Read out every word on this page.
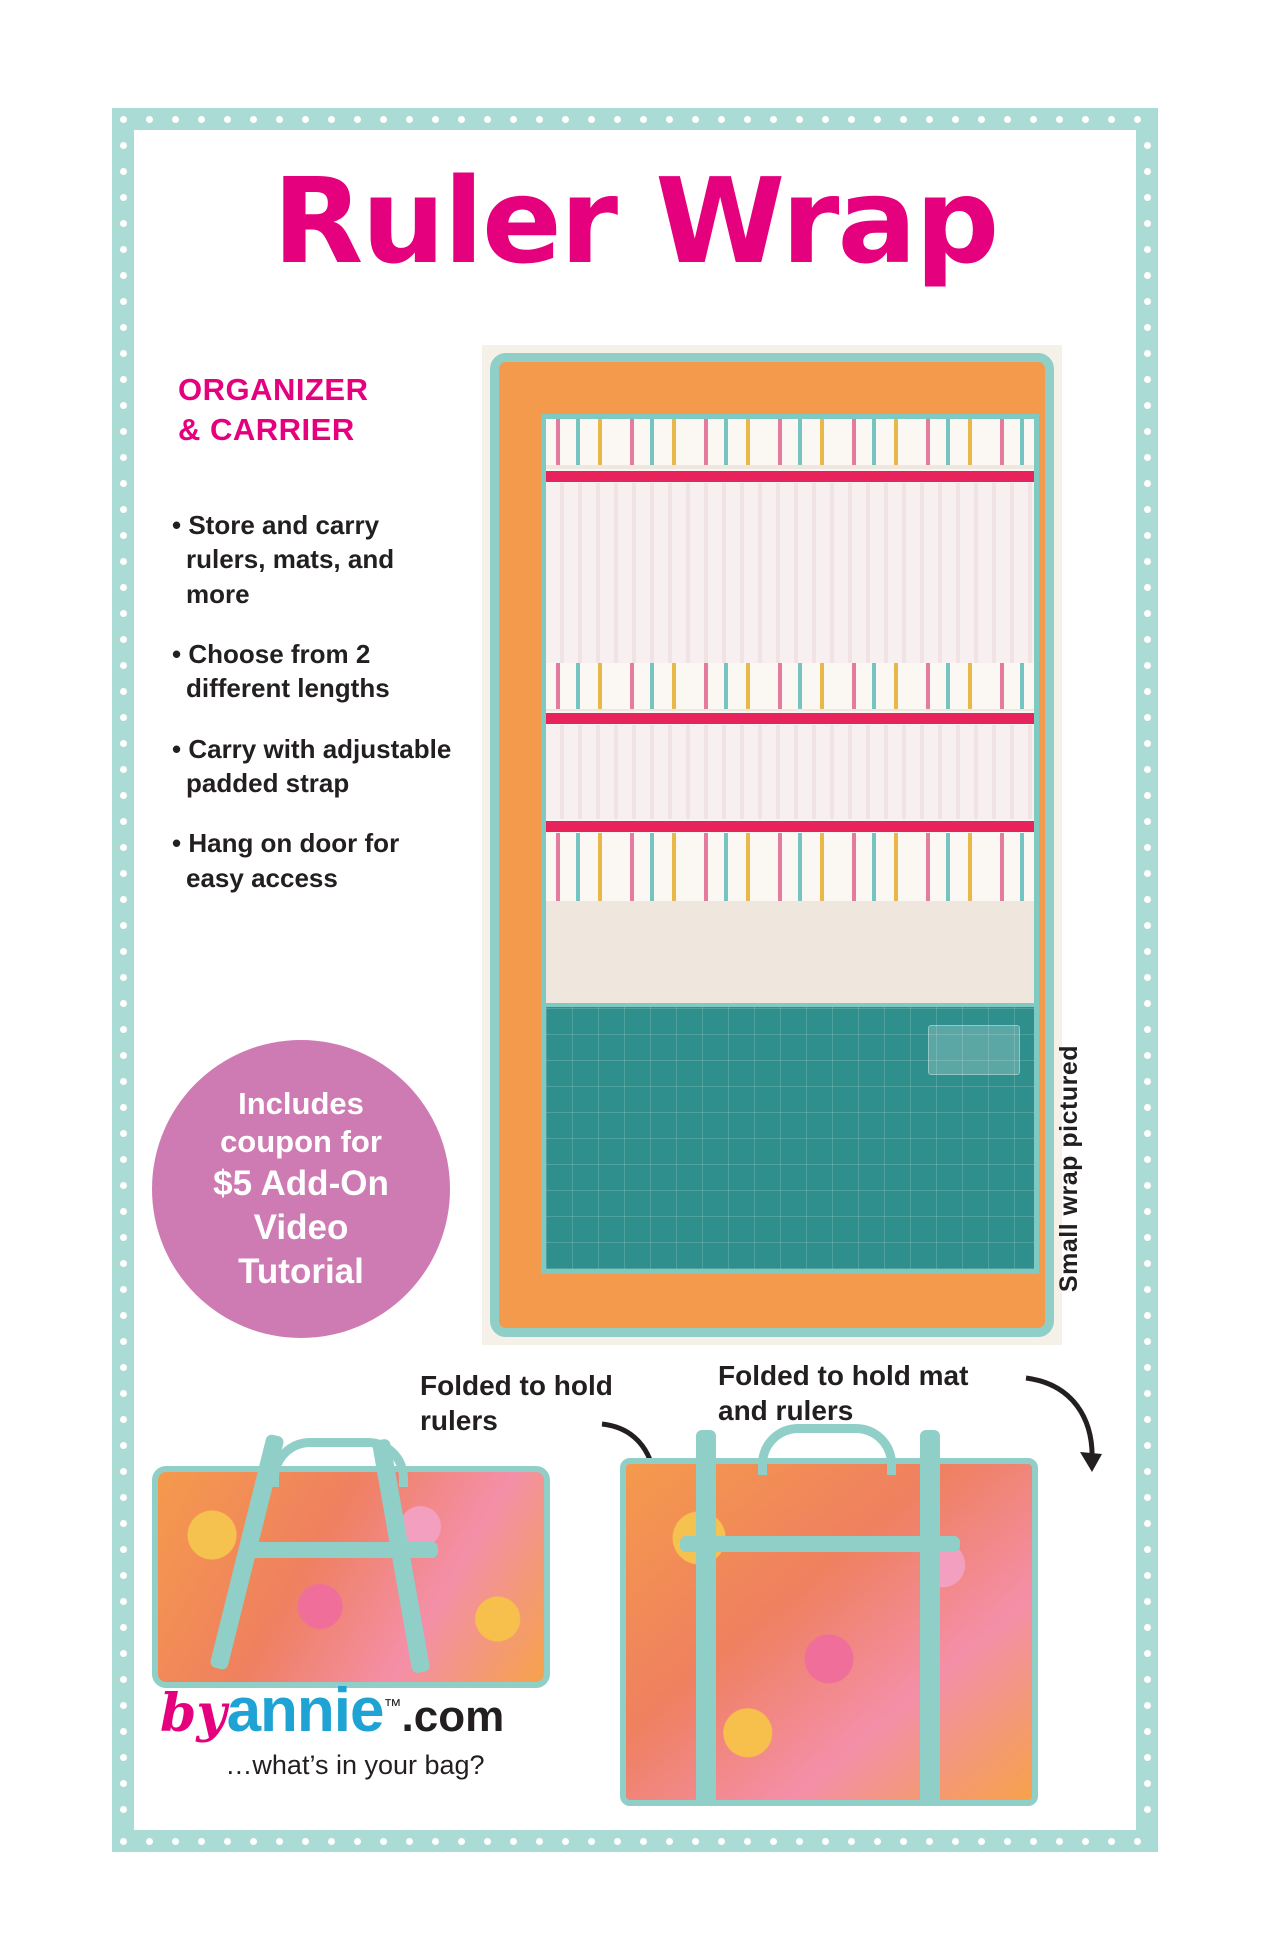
Ruler Wrap
ORGANIZER
& CARRIER
• Store and carry rulers, mats, and more
• Choose from 2 different lengths
• Carry with adjustable padded strap
• Hang on door for easy access
Includes
coupon for

$5 Add-On
Video
Tutorial	Small wrap pictured
Folded to hold rulers
Folded to hold mat and rulers
byannie™.com
…what’s in your bag?
